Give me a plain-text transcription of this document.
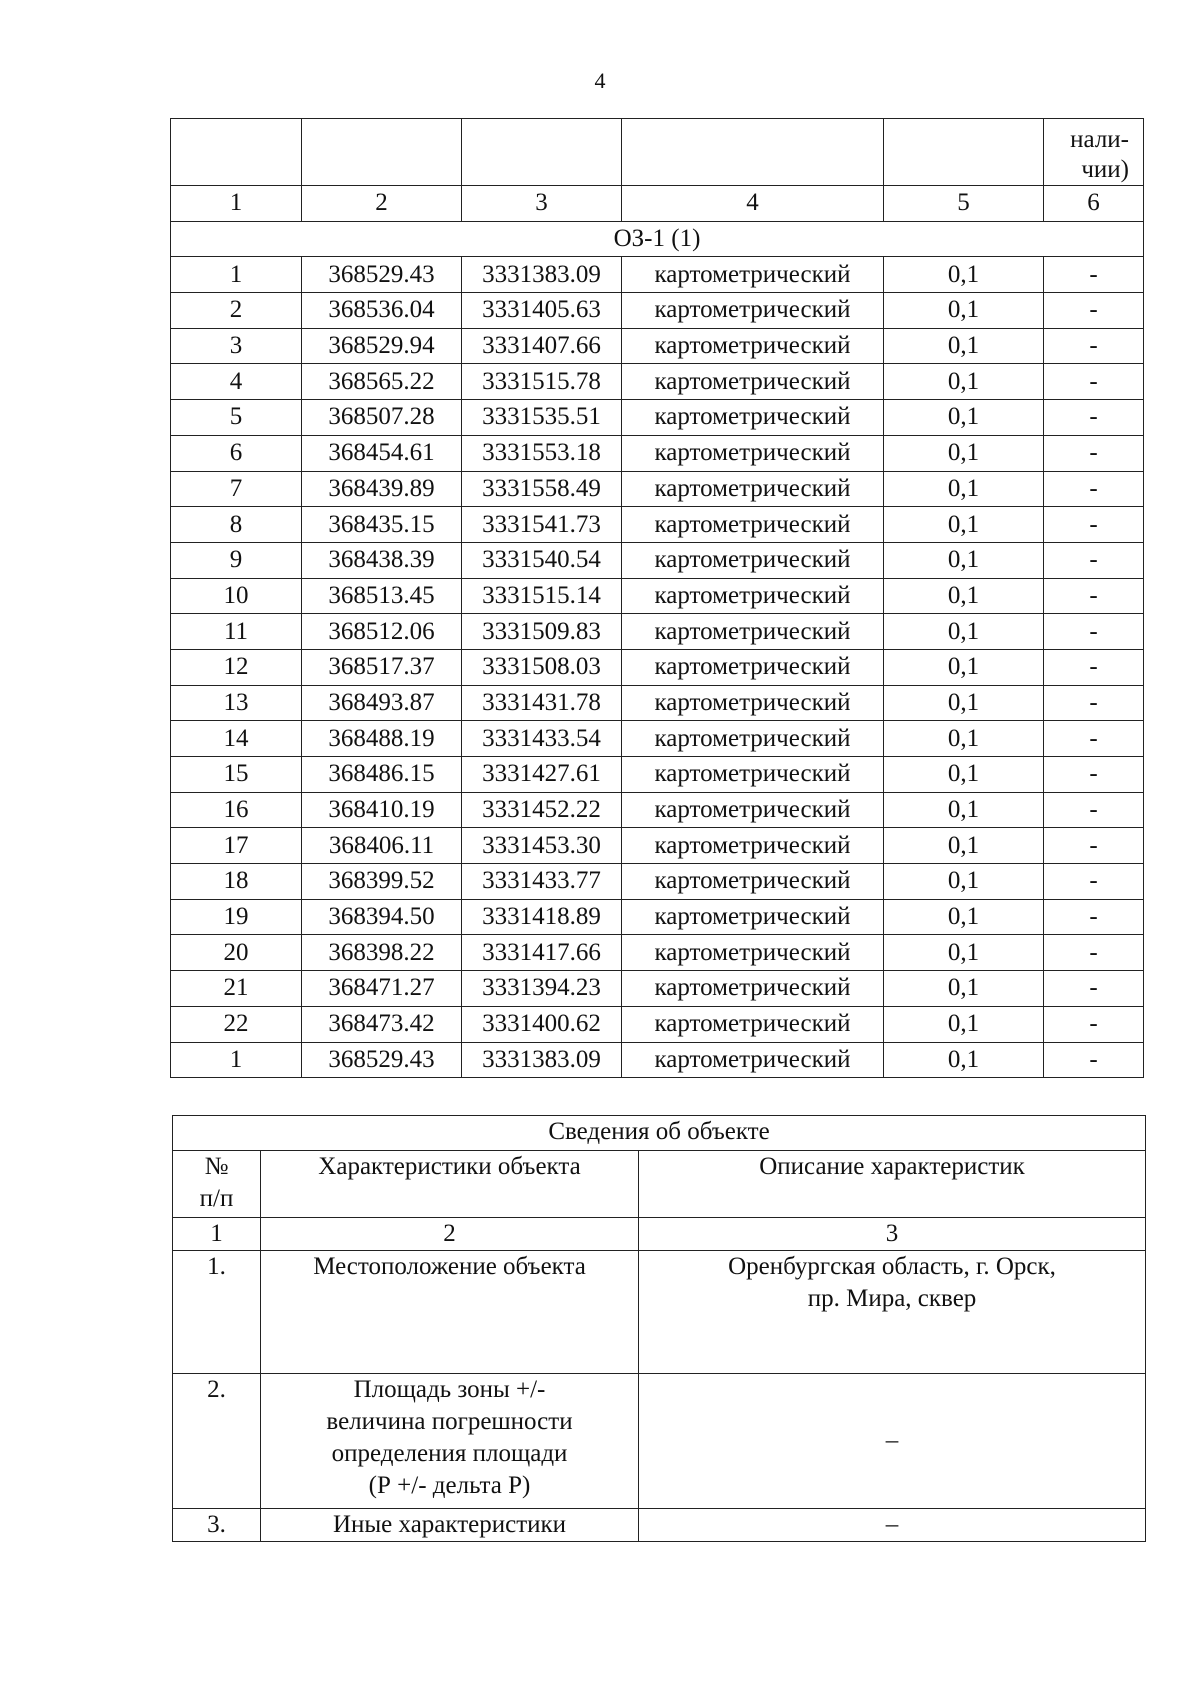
4

					нали-
чии)

1	2	3	4	5	6
ОЗ-1 (1)					
1	368529.43	3331383.09	картометрический	0,1	-
2	368536.04	3331405.63	картометрический	0,1	-
3	368529.94	3331407.66	картометрический	0,1	-
4	368565.22	3331515.78	картометрический	0,1	-
5	368507.28	3331535.51	картометрический	0,1	-
6	368454.61	3331553.18	картометрический	0,1	-
7	368439.89	3331558.49	картометрический	0,1	-
8	368435.15	3331541.73	картометрический	0,1	-
9	368438.39	3331540.54	картометрический	0,1	-
10	368513.45	3331515.14	картометрический	0,1	-
11	368512.06	3331509.83	картометрический	0,1	-
12	368517.37	3331508.03	картометрический	0,1	-
13	368493.87	3331431.78	картометрический	0,1	-
14	368488.19	3331433.54	картометрический	0,1	-
15	368486.15	3331427.61	картометрический	0,1	-
16	368410.19	3331452.22	картометрический	0,1	-
17	368406.11	3331453.30	картометрический	0,1	-
18	368399.52	3331433.77	картометрический	0,1	-
19	368394.50	3331418.89	картометрический	0,1	-
20	368398.22	3331417.66	картометрический	0,1	-
21	368471.27	3331394.23	картометрический	0,1	-
22	368473.42	3331400.62	картометрический	0,1	-
1	368529.43	3331383.09	картометрический	0,1	-
Сведения об объекте		

№
п/п	Характеристики объекта	Описание характеристик
1	2	3
1.	Местоположение объекта	Оренбургская область, г. Орск,
пр. Мира, сквер

2.	Площадь зоны +/-
величина погрешности
определения площади
(Р +/- дельта Р)	–
3.	Иные характеристики	–
